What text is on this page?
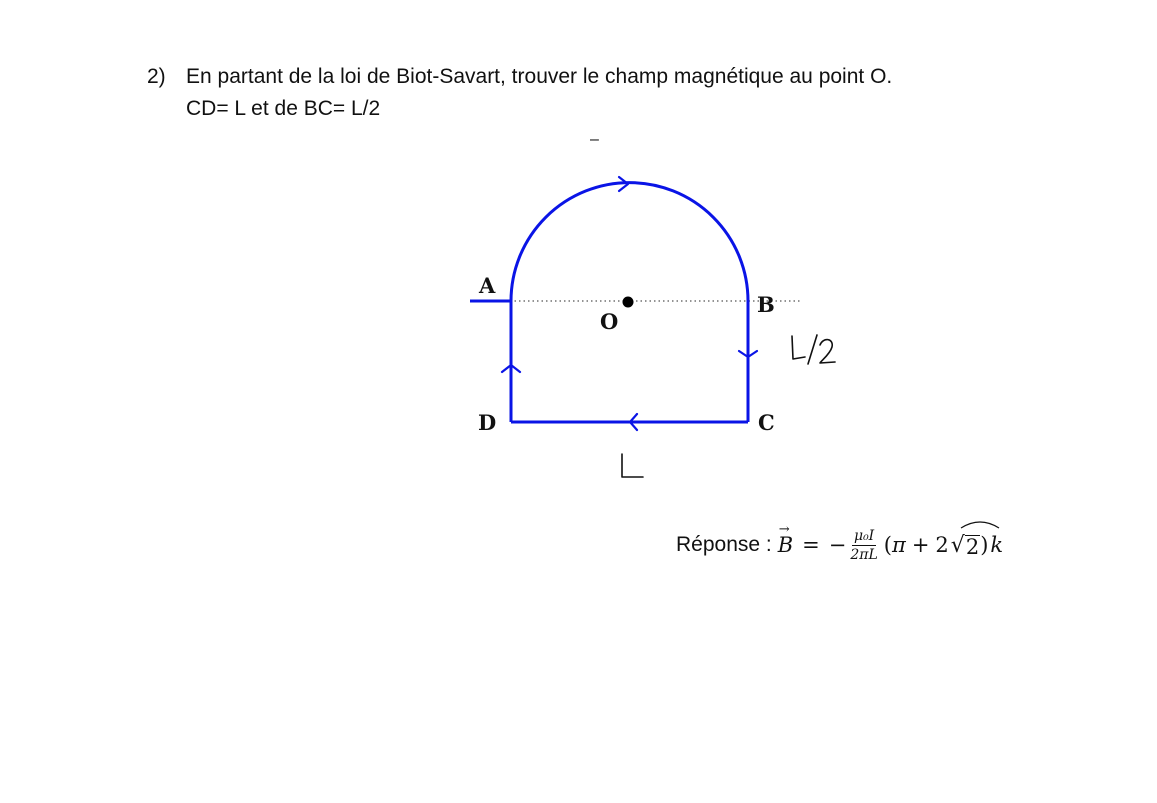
2) En partant de la loi de Biot-Savart, trouver le champ magnétique au point O.
CD= L et de BC= L/2
–
A
B
C
D
O
Réponse : B
→
= − $\frac{\text{μ₀I}}{2\pi L}$ ( π + 2 √ 2 ) k
